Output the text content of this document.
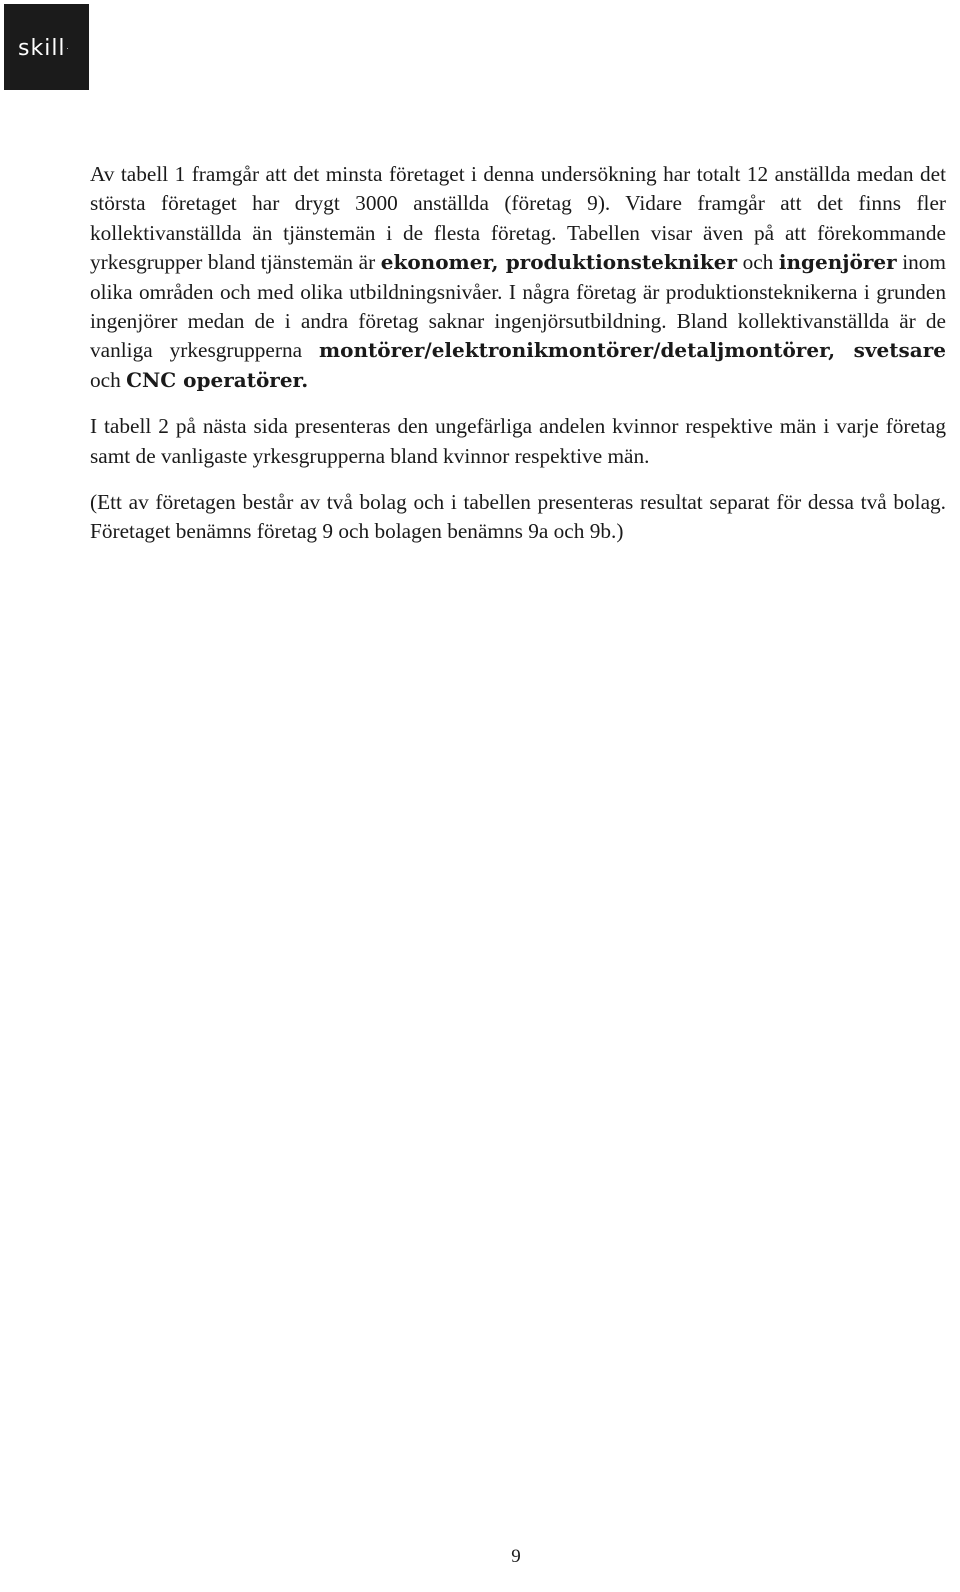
skill·

Av tabell 1 framgår att det minsta företaget i denna undersökning har totalt 12 anställda medan det största företaget har drygt 3000 anställda (företag 9). Vidare framgår att det finns fler kollektivanställda än tjänstemän i de flesta företag. Tabellen visar även på att förekommande yrkesgrupper bland tjänstemän är ekonomer, produktionstekniker och ingenjörer inom olika områden och med olika utbildningsnivåer. I några företag är produktionsteknikerna i grunden ingenjörer medan de i andra företag saknar ingenjörsutbildning. Bland kollektivanställda är de vanliga yrkesgrupperna montörer/elektronikmontörer/detaljmontörer, svetsare och CNC operatörer.

I tabell 2 på nästa sida presenteras den ungefärliga andelen kvinnor respektive män i varje företag samt de vanligaste yrkesgrupperna bland kvinnor respektive män.

(Ett av företagen består av två bolag och i tabellen presenteras resultat separat för dessa två bolag. Företaget benämns företag 9 och bolagen benämns 9a och 9b.)

9
